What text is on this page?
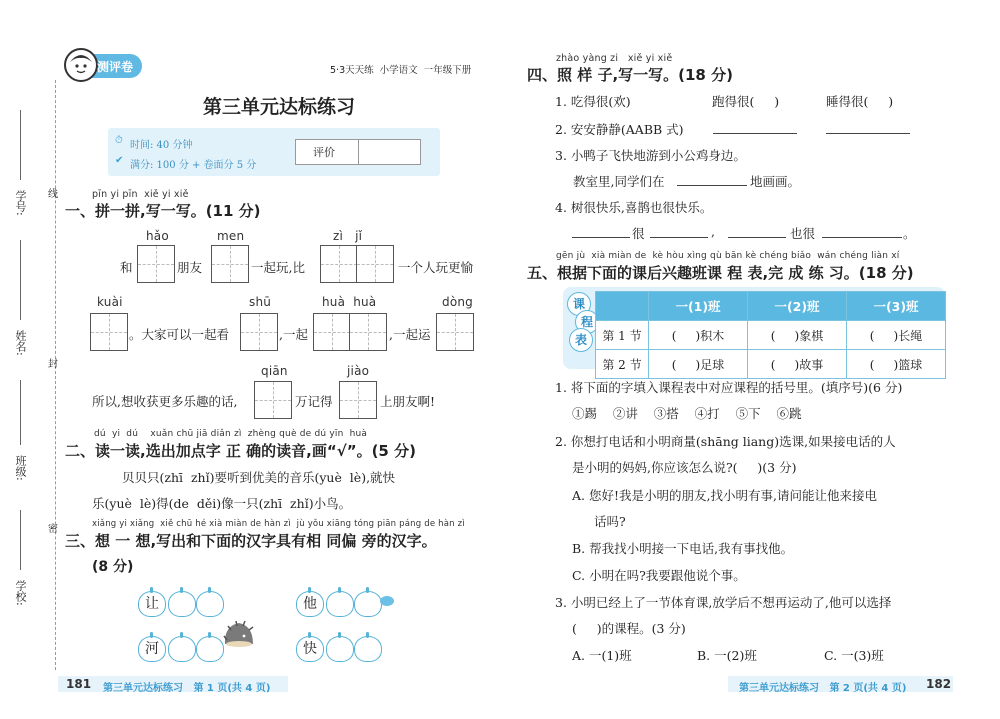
线
封
密
学号:
姓名:
班级:
学校:
测评卷	5·3天天练  小学语文  一年级下册
第三单元达标练习
⏱ 时间: 40 分钟
✔ 满分: 100 分 + 卷面分 5 分
评价
pīn yi pīn  xiě yi xiě
一、拼一拼,写一写。(11 分)
hǎo	men	zì   jǐ
和	朋友	一起玩,比	一个人玩更愉
kuài	shū	huà  huà	dòng
。大家可以一起看	,一起	,一起运
qiān	jiào
所以,想收获更多乐趣的话,	万记得	上朋友啊!
dú  yi  dú    xuǎn chū jiā diǎn zì  zhèng què de dú yīn  huà
二、读一读,选出加点字 正 确的读音,画“√”。(5 分)
贝贝只(zhī  zhǐ)要听到优美的音乐(yuè  lè),就快
乐(yuè  lè)得(de  děi)像一只(zhī  zhǐ)小鸟。
xiǎng yi xiǎng  xiě chū hé xià miàn de hàn zì  jù yǒu xiāng tóng piān páng de hàn zì
三、想 一 想,写出和下面的汉字具有相 同偏 旁的汉字。
(8 分)
让	他
河	快
181 第三单元达标练习   第 1 页(共 4 页)
zhào yàng zi   xiě yi xiě
四、照 样 子,写一写。(18 分)
1. 吃得很(欢)	跑得很(     )	睡得很(     )
2. 安安静静(AABB 式)
3. 小鸭子飞快地游到小公鸡身边。
教室里,同学们在	地画画。
4. 树很快乐,喜鹊也很快乐。
很	,	也很	。
gēn jù  xià miàn de  kè hòu xìng qù bān kè chéng biǎo  wán chéng liàn xí
五、根据下面的课后兴趣班课 程 表,完 成 练 习。(18 分)
课
程
表
	一(1)班	一(2)班	一(3)班
第 1 节	(     )积木	(     )象棋	(     )长绳
第 2 节	(     )足球	(     )故事	(     )篮球
1. 将下面的字填入课程表中对应课程的括号里。(填序号)(6 分)
①踢    ②讲    ③搭    ④打    ⑤下    ⑥跳
2. 你想打电话和小明商量(shāng liang)选课,如果接电话的人
是小明的妈妈,你应该怎么说?(     )(3 分)
A. 您好!我是小明的朋友,找小明有事,请问能让他来接电
话吗?
B. 帮我找小明接一下电话,我有事找他。
C. 小明在吗?我要跟他说个事。
3. 小明已经上了一节体育课,放学后不想再运动了,他可以选择
(     )的课程。(3 分)
A. 一(1)班	B. 一(2)班	C. 一(3)班
第三单元达标练习   第 2 页(共 4 页) 182
